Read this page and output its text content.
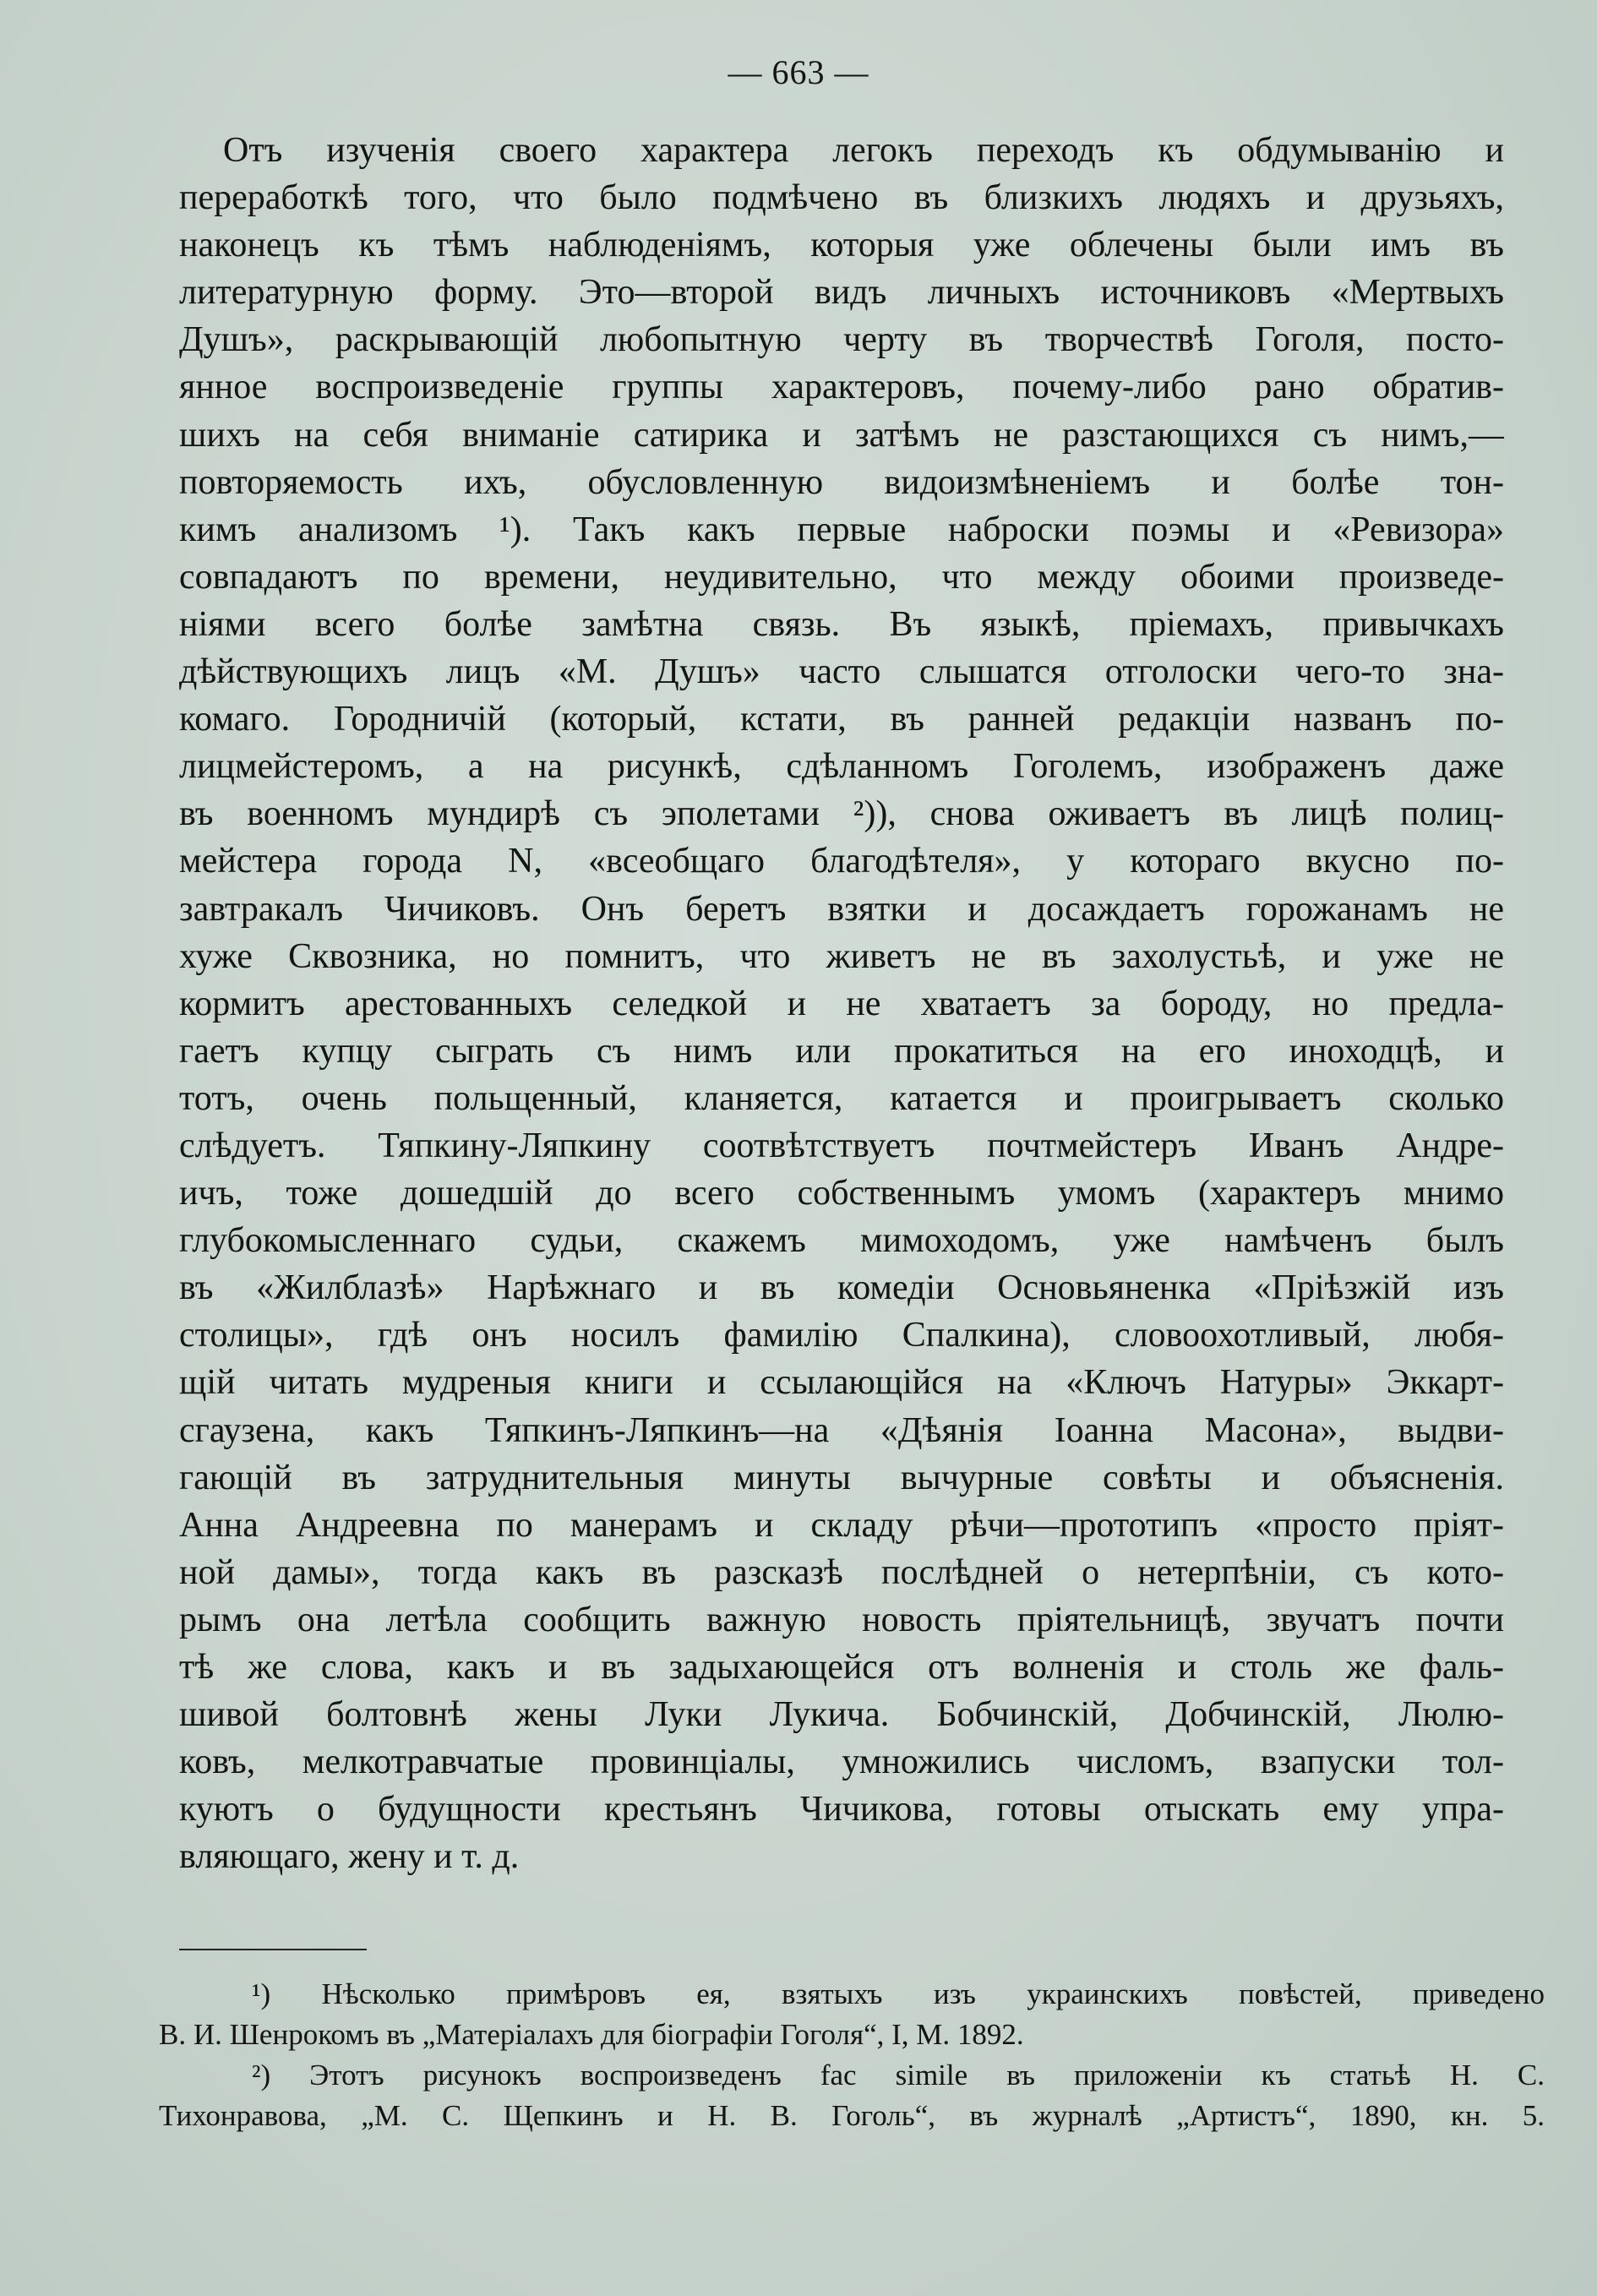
— 663 —
Отъ изученія своего характера легокъ переходъ къ обдумыванію и
переработкѣ того, что было подмѣчено въ близкихъ людяхъ и друзьяхъ,
наконецъ къ тѣмъ наблюденіямъ, которыя уже облечены были имъ въ
литературную форму. Это—второй видъ личныхъ источниковъ «Мертвыхъ
Душъ», раскрывающій любопытную черту въ творчествѣ Гоголя, посто-
янное воспроизведеніе группы характеровъ, почему-либо рано обратив-
шихъ на себя вниманіе сатирика и затѣмъ не разстающихся съ нимъ,—
повторяемость ихъ, обусловленную видоизмѣненіемъ и болѣе тон-
кимъ анализомъ ¹). Такъ какъ первые наброски поэмы и «Ревизора»
совпадаютъ по времени, неудивительно, что между обоими произведе-
ніями всего болѣе замѣтна связь. Въ языкѣ, пріемахъ, привычкахъ
дѣйствующихъ лицъ «М. Душъ» часто слышатся отголоски чего-то зна-
комаго. Городничій (который, кстати, въ ранней редакціи названъ по-
лицмейстеромъ, а на рисункѣ, сдѣланномъ Гоголемъ, изображенъ даже
въ военномъ мундирѣ съ эполетами ²)), снова оживаетъ въ лицѣ полиц-
мейстера города N, «всеобщаго благодѣтеля», у котораго вкусно по-
завтракалъ Чичиковъ. Онъ беретъ взятки и досаждаетъ горожанамъ не
хуже Сквозника, но помнитъ, что живетъ не въ захолустьѣ, и уже не
кормитъ арестованныхъ селедкой и не хватаетъ за бороду, но предла-
гаетъ купцу сыграть съ нимъ или прокатиться на его иноходцѣ, и
тотъ, очень польщенный, кланяется, катается и проигрываетъ сколько
слѣдуетъ. Тяпкину-Ляпкину соотвѣтствуетъ почтмейстеръ Иванъ Андре-
ичъ, тоже дошедшій до всего собственнымъ умомъ (характеръ мнимо
глубокомысленнаго судьи, скажемъ мимоходомъ, уже намѣченъ былъ
въ «Жилблазѣ» Нарѣжнаго и въ комедіи Основьяненка «Пріѣзжій изъ
столицы», гдѣ онъ носилъ фамилію Спалкина), словоохотливый, любя-
щій читать мудреныя книги и ссылающійся на «Ключъ Натуры» Эккарт-
сгаузена, какъ Тяпкинъ-Ляпкинъ—на «Дѣянія Іоанна Масона», выдви-
гающій въ затруднительныя минуты вычурные совѣты и объясненія.
Анна Андреевна по манерамъ и складу рѣчи—прототипъ «просто пріят-
ной дамы», тогда какъ въ разсказѣ послѣдней о нетерпѣніи, съ кото-
рымъ она летѣла сообщить важную новость пріятельницѣ, звучатъ почти
тѣ же слова, какъ и въ задыхающейся отъ волненія и столь же фаль-
шивой болтовнѣ жены Луки Лукича. Бобчинскій, Добчинскій, Люлю-
ковъ, мелкотравчатые провинціалы, умножились числомъ, взапуски тол-
куютъ о будущности крестьянъ Чичикова, готовы отыскать ему упра-
вляющаго, жену и т. д.
¹) Нѣсколько примѣровъ ея, взятыхъ изъ украинскихъ повѣстей, приведено
В. И. Шенрокомъ въ „Матеріалахъ для біографіи Гоголя“, I, М. 1892.
²) Этотъ рисунокъ воспроизведенъ fac simile въ приложеніи къ статьѣ Н. С.
Тихонравова, „М. С. Щепкинъ и Н. В. Гоголь“, въ журналѣ „Артистъ“, 1890, кн. 5.
